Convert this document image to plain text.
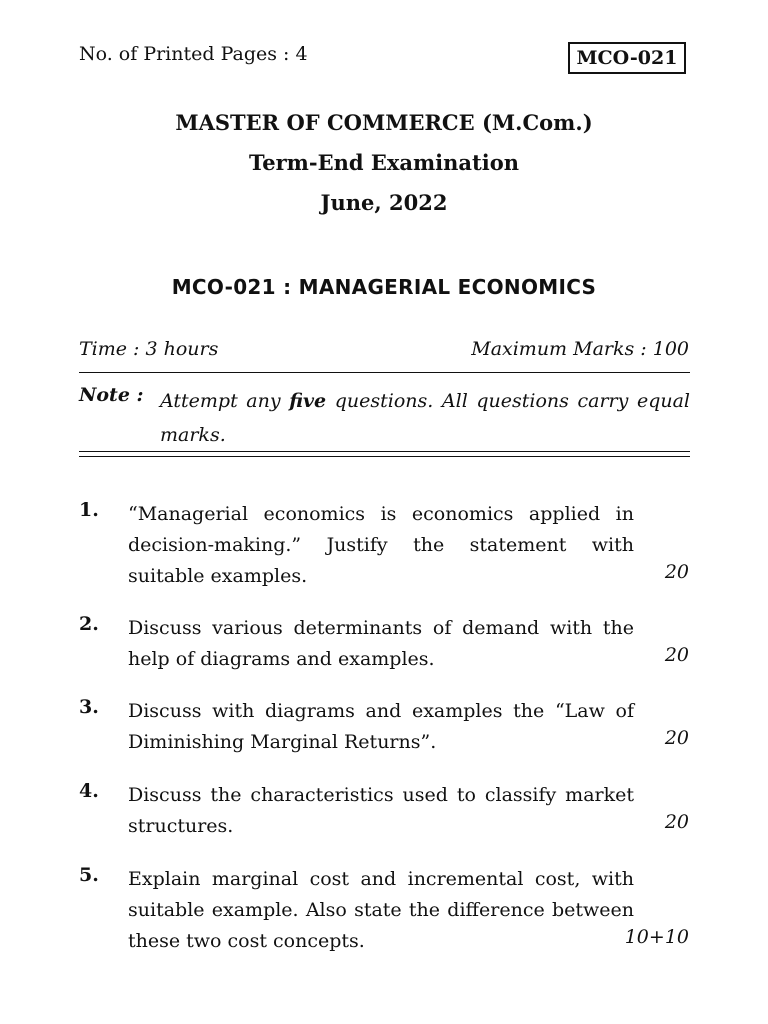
No. of Printed Pages : 4	MCO-021
MASTER OF COMMERCE (M.Com.)
Term-End Examination
June, 2022
MCO-021 : MANAGERIAL ECONOMICS
Time : 3 hours	Maximum Marks : 100
Note : Attempt any five questions. All questions carry equal marks.
1. “Managerial economics is economics applied in decision-making.” Justify the statement with suitable examples.	20
2. Discuss various determinants of demand with the help of diagrams and examples.	20
3. Discuss with diagrams and examples the “Law of Diminishing Marginal Returns”.	20
4. Discuss the characteristics used to classify market structures.	20
5. Explain marginal cost and incremental cost, with suitable example. Also state the difference between these two cost concepts.	10+10
